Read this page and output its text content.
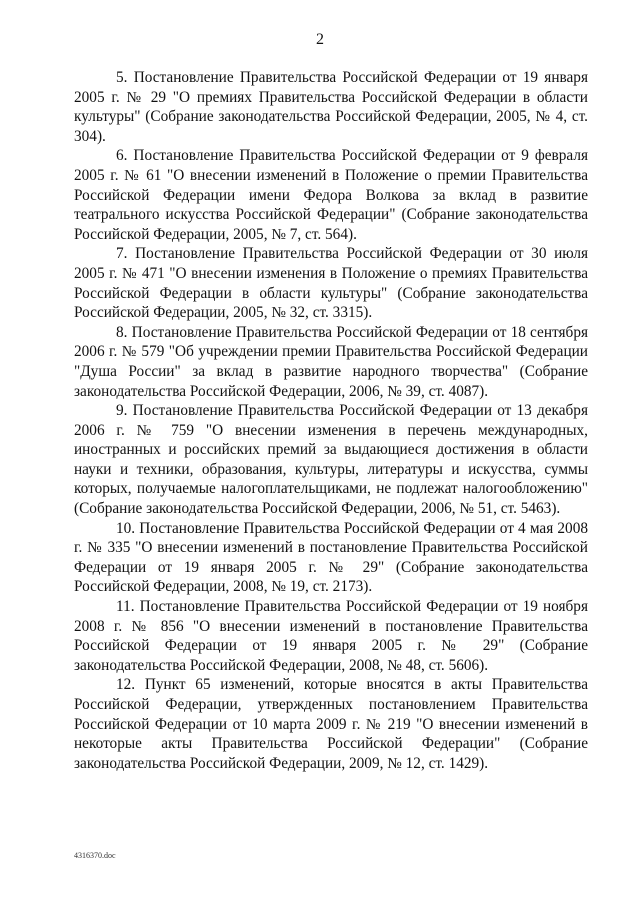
2

5. Постановление Правительства Российской Федерации от 19 января 2005 г. № 29 "О премиях Правительства Российской Федерации в области культуры" (Собрание законодательства Российской Федерации, 2005, № 4, ст. 304).

6. Постановление Правительства Российской Федерации от 9 февраля 2005 г. № 61 "О внесении изменений в Положение о премии Правительства Российской Федерации имени Федора Волкова за вклад в развитие театрального искусства Российской Федерации" (Собрание законодательства Российской Федерации, 2005, № 7, ст. 564).

7. Постановление Правительства Российской Федерации от 30 июля 2005 г. № 471 "О внесении изменения в Положение о премиях Правительства Российской Федерации в области культуры" (Собрание законодательства Российской Федерации, 2005, № 32, ст. 3315).

8. Постановление Правительства Российской Федерации от 18 сентября 2006 г. № 579 "Об учреждении премии Правительства Российской Федерации "Душа России" за вклад в развитие народного творчества" (Собрание законодательства Российской Федерации, 2006, № 39, ст. 4087).

9. Постановление Правительства Российской Федерации от 13 декабря 2006 г. № 759 "О внесении изменения в перечень международных, иностранных и российских премий за выдающиеся достижения в области науки и техники, образования, культуры, литературы и искусства, суммы которых, получаемые налогоплательщиками, не подлежат налогообложению" (Собрание законодательства Российской Федерации, 2006, № 51, ст. 5463).

10. Постановление Правительства Российской Федерации от 4 мая 2008 г. № 335 "О внесении изменений в постановление Правительства Российской Федерации от 19 января 2005 г. № 29" (Собрание законодательства Российской Федерации, 2008, № 19, ст. 2173).

11. Постановление Правительства Российской Федерации от 19 ноября 2008 г. № 856 "О внесении изменений в постановление Правительства Российской Федерации от 19 января 2005 г. № 29" (Собрание законодательства Российской Федерации, 2008, № 48, ст. 5606).

12. Пункт 65 изменений, которые вносятся в акты Правительства Российской Федерации, утвержденных постановлением Правительства Российской Федерации от 10 марта 2009 г. № 219 "О внесении изменений в некоторые акты Правительства Российской Федерации" (Собрание законодательства Российской Федерации, 2009, № 12, ст. 1429).

4316370.doc
